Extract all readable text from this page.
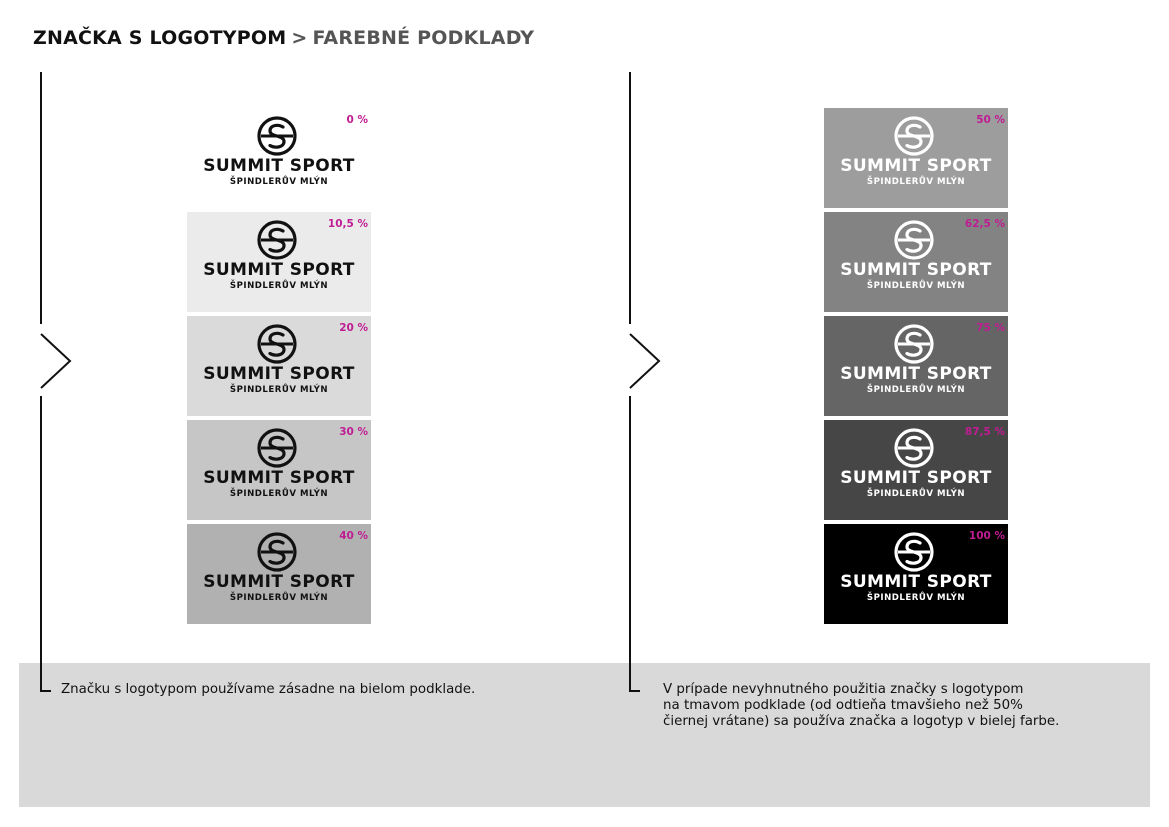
ZNAČKA S LOGOTYPOM > FAREBNÉ PODKLADY
0 %
SUMMIT SPORT
ŠPINDLERŮV MLÝN
10,5 %
SUMMIT SPORT
ŠPINDLERŮV MLÝN
20 %
SUMMIT SPORT
ŠPINDLERŮV MLÝN
30 %
SUMMIT SPORT
ŠPINDLERŮV MLÝN
40 %
SUMMIT SPORT
ŠPINDLERŮV MLÝN
50 %
SUMMIT SPORT
ŠPINDLERŮV MLÝN
62,5 %
SUMMIT SPORT
ŠPINDLERŮV MLÝN
75 %
SUMMIT SPORT
ŠPINDLERŮV MLÝN
87,5 %
SUMMIT SPORT
ŠPINDLERŮV MLÝN
100 %
SUMMIT SPORT
ŠPINDLERŮV MLÝN
Značku s logotypom používame zásadne na bielom podklade.	V prípade nevyhnutného použitia značky s logotypom
na tmavom podklade (od odtieňa tmavšieho než 50%
čiernej vrátane) sa používa značka a logotyp v bielej farbe.
